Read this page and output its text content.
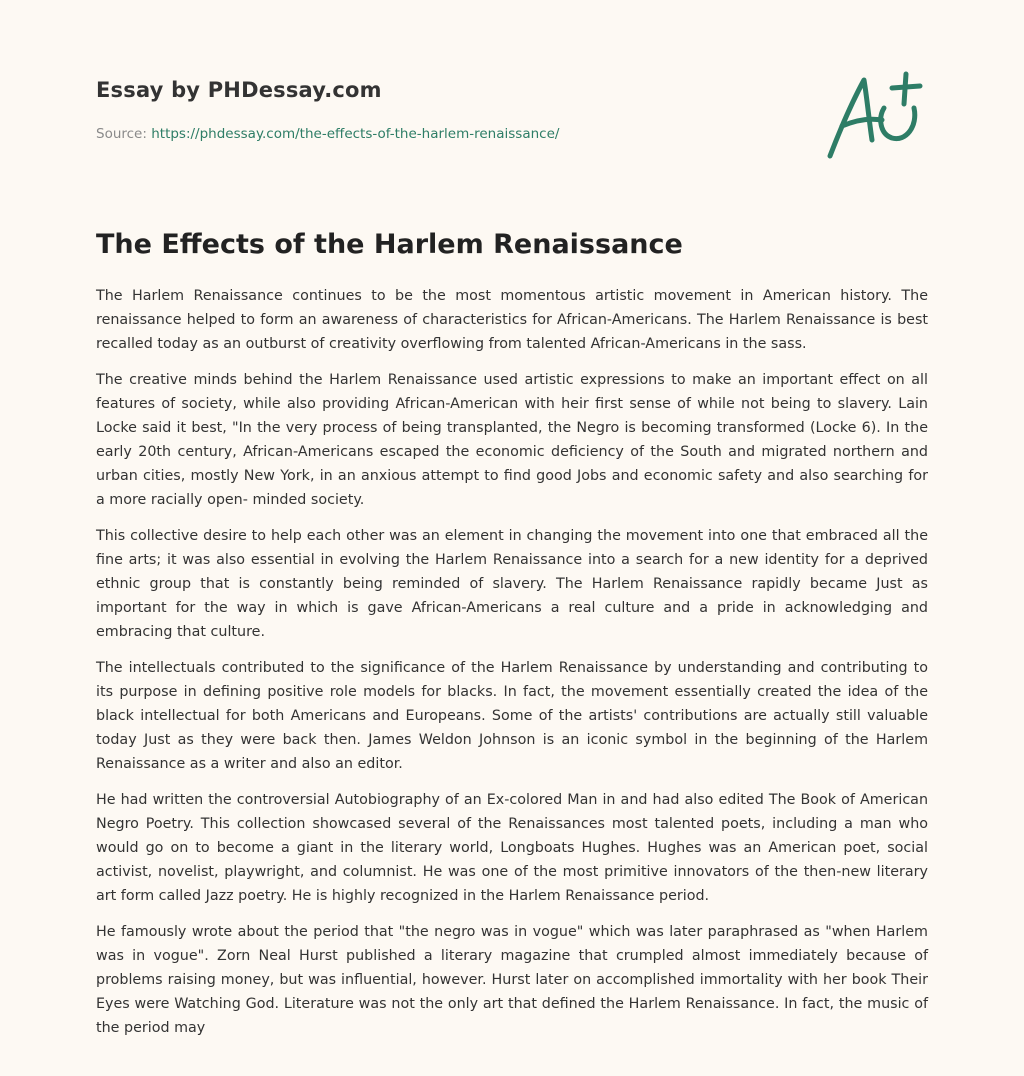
Essay by PHDessay.com
Source: https://phdessay.com/the-effects-of-the-harlem-renaissance/
The Effects of the Harlem Renaissance

The Harlem Renaissance continues to be the most momentous artistic movement in American history. The renaissance helped to form an awareness of characteristics for African-Americans. The Harlem Renaissance is best recalled today as an outburst of creativity overflowing from talented African-Americans in the sass.

The creative minds behind the Harlem Renaissance used artistic expressions to make an important effect on all features of society, while also providing African-American with heir first sense of while not being to slavery. Lain Locke said it best, "In the very process of being transplanted, the Negro is becoming transformed (Locke 6). In the early 20th century, African-Americans escaped the economic deficiency of the South and migrated northern and urban cities, mostly New York, in an anxious attempt to find good Jobs and economic safety and also searching for a more racially open- minded society.

This collective desire to help each other was an element in changing the movement into one that embraced all the fine arts; it was also essential in evolving the Harlem Renaissance into a search for a new identity for a deprived ethnic group that is constantly being reminded of slavery. The Harlem Renaissance rapidly became Just as important for the way in which is gave African-Americans a real culture and a pride in acknowledging and embracing that culture.

The intellectuals contributed to the significance of the Harlem Renaissance by understanding and contributing to its purpose in defining positive role models for blacks. In fact, the movement essentially created the idea of the black intellectual for both Americans and Europeans. Some of the artists' contributions are actually still valuable today Just as they were back then. James Weldon Johnson is an iconic symbol in the beginning of the Harlem Renaissance as a writer and also an editor.

He had written the controversial Autobiography of an Ex-colored Man in and had also edited The Book of American Negro Poetry. This collection showcased several of the Renaissances most talented poets, including a man who would go on to become a giant in the literary world, Longboats Hughes. Hughes was an American poet, social activist, novelist, playwright, and columnist. He was one of the most primitive innovators of the then-new literary art form called Jazz poetry. He is highly recognized in the Harlem Renaissance period.

He famously wrote about the period that "the negro was in vogue" which was later paraphrased as "when Harlem was in vogue". Zorn Neal Hurst published a literary magazine that crumpled almost immediately because of problems raising money, but was influential, however. Hurst later on accomplished immortality with her book Their Eyes were Watching God. Literature was not the only art that defined the Harlem Renaissance. In fact, the music of the period may
